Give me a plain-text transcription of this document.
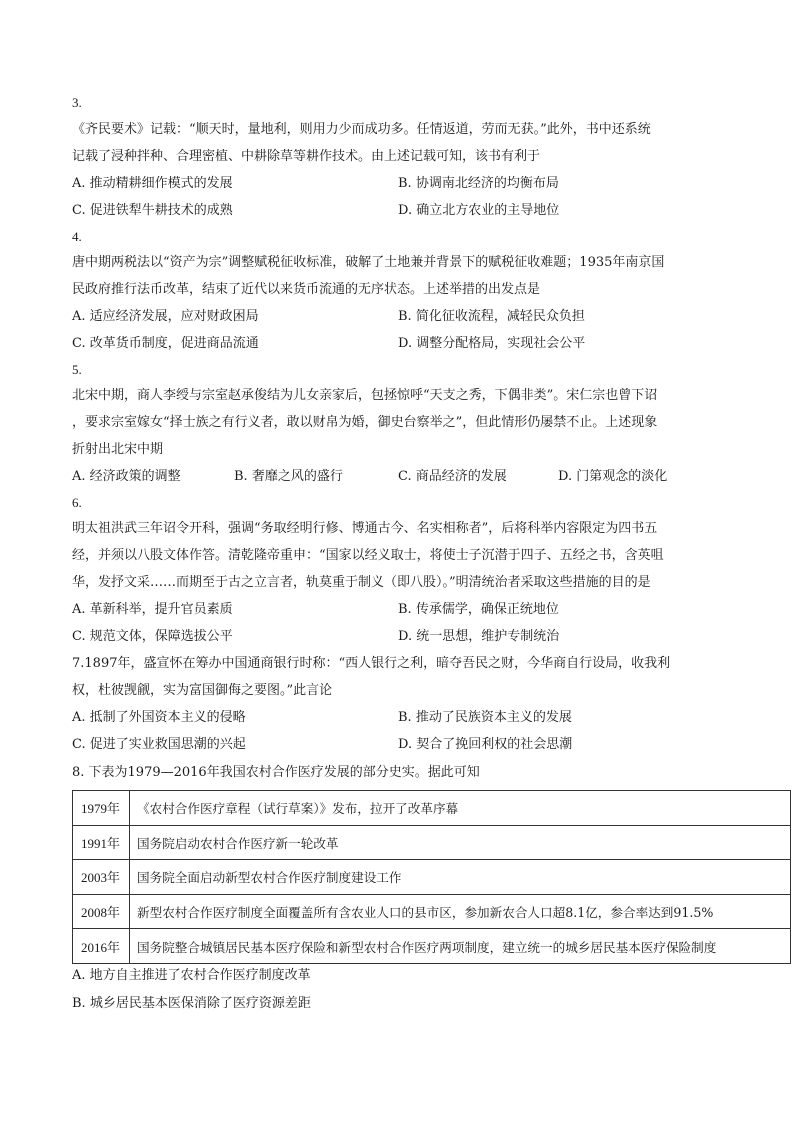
3.
《齐民要术》记载：“顺天时，量地利，则用力少而成功多。任情返道，劳而无获。”此外，书中还系统
记载了浸种拌种、合理密植、中耕除草等耕作技术。由上述记载可知，该书有利于
A. 推动精耕细作模式的发展	B. 协调南北经济的均衡布局
C. 促进铁犁牛耕技术的成熟	D. 确立北方农业的主导地位
4.
唐中期两税法以“资产为宗”调整赋税征收标准，破解了土地兼并背景下的赋税征收难题；1935年南京国
民政府推行法币改革，结束了近代以来货币流通的无序状态。上述举措的出发点是
A. 适应经济发展，应对财政困局	B. 简化征收流程，减轻民众负担
C. 改革货币制度，促进商品流通	D. 调整分配格局，实现社会公平
5.
北宋中期，商人李绶与宗室赵承俊结为儿女亲家后，包拯惊呼“天支之秀，下偶非类”。宋仁宗也曾下诏
，要求宗室嫁女“择士族之有行义者，敢以财帛为婚，御史台察举之”，但此情形仍屡禁不止。上述现象
折射出北宋中期
A. 经济政策的调整	B. 奢靡之风的盛行	C. 商品经济的发展	D. 门第观念的淡化
6.
明太祖洪武三年诏令开科，强调“务取经明行修、博通古今、名实相称者”，后将科举内容限定为四书五
经，并须以八股文体作答。清乾隆帝重申：“国家以经义取士，将使士子沉潜于四子、五经之书，含英咀
华，发抒文采……而期至于古之立言者，轨莫重于制义（即八股）。”明清统治者采取这些措施的目的是
A. 革新科举，提升官员素质	B. 传承儒学，确保正统地位
C. 规范文体，保障选拔公平	D. 统一思想，维护专制统治
7.1897年，盛宣怀在筹办中国通商银行时称：“西人银行之利，暗夺吾民之财，今华商自行设局，收我利
权，杜彼觊觎，实为富国御侮之要图。”此言论
A. 抵制了外国资本主义的侵略	B. 推动了民族资本主义的发展
C. 促进了实业救国思潮的兴起	D. 契合了挽回利权的社会思潮
8. 下表为1979—2016年我国农村合作医疗发展的部分史实。据此可知
1979年	《农村合作医疗章程（试行草案）》发布，拉开了改革序幕
1991年	国务院启动农村合作医疗新一轮改革
2003年	国务院全面启动新型农村合作医疗制度建设工作
2008年	新型农村合作医疗制度全面覆盖所有含农业人口的县市区，参加新农合人口超8.1亿，参合率达到91.5%
2016年	国务院整合城镇居民基本医疗保险和新型农村合作医疗两项制度，建立统一的城乡居民基本医疗保险制度
A. 地方自主推进了农村合作医疗制度改革
B. 城乡居民基本医保消除了医疗资源差距
